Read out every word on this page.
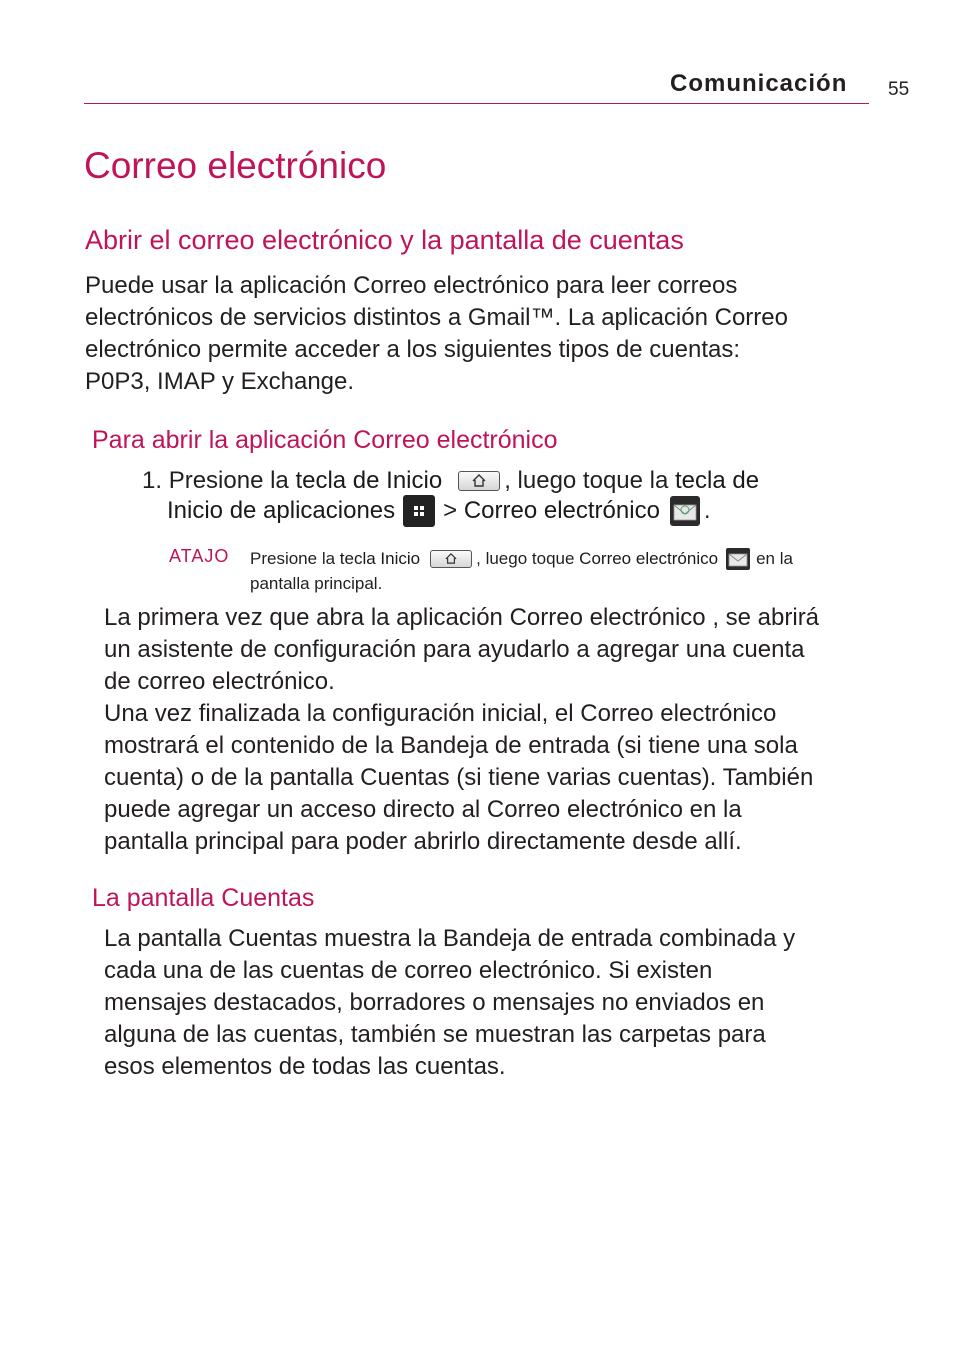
Comunicación 55
Correo electrónico
Abrir el correo electrónico y la pantalla de cuentas
Puede usar la aplicación Correo electrónico para leer correos
electrónicos de servicios distintos a Gmail™. La aplicación Correo
electrónico permite acceder a los siguientes tipos de cuentas:
P0P3, IMAP y Exchange.
Para abrir la aplicación Correo electrónico
1.
Presione la
tecla de Inicio	, luego toque la
tecla de
Inicio de aplicaciones >
Correo electrónico .
ATAJO Presione la
tecla Inicio	, luego toque
Correo electrónico en la
pantalla principal.
La primera vez que abra la aplicación Correo electrónico , se abrirá
un asistente de configuración para ayudarlo a agregar una cuenta
de correo electrónico.
Una vez finalizada la configuración inicial, el Correo electrónico
mostrará el contenido de la Bandeja de entrada (si tiene una sola
cuenta) o de la pantalla Cuentas (si tiene varias cuentas). También
puede agregar un acceso directo al Correo electrónico en la
pantalla principal para poder abrirlo directamente desde allí.
La pantalla Cuentas
La pantalla Cuentas muestra la Bandeja de entrada combinada y
cada una de las cuentas de correo electrónico. Si existen
mensajes destacados, borradores o mensajes no enviados en
alguna de las cuentas, también se muestran las carpetas para
esos elementos de todas las cuentas.
